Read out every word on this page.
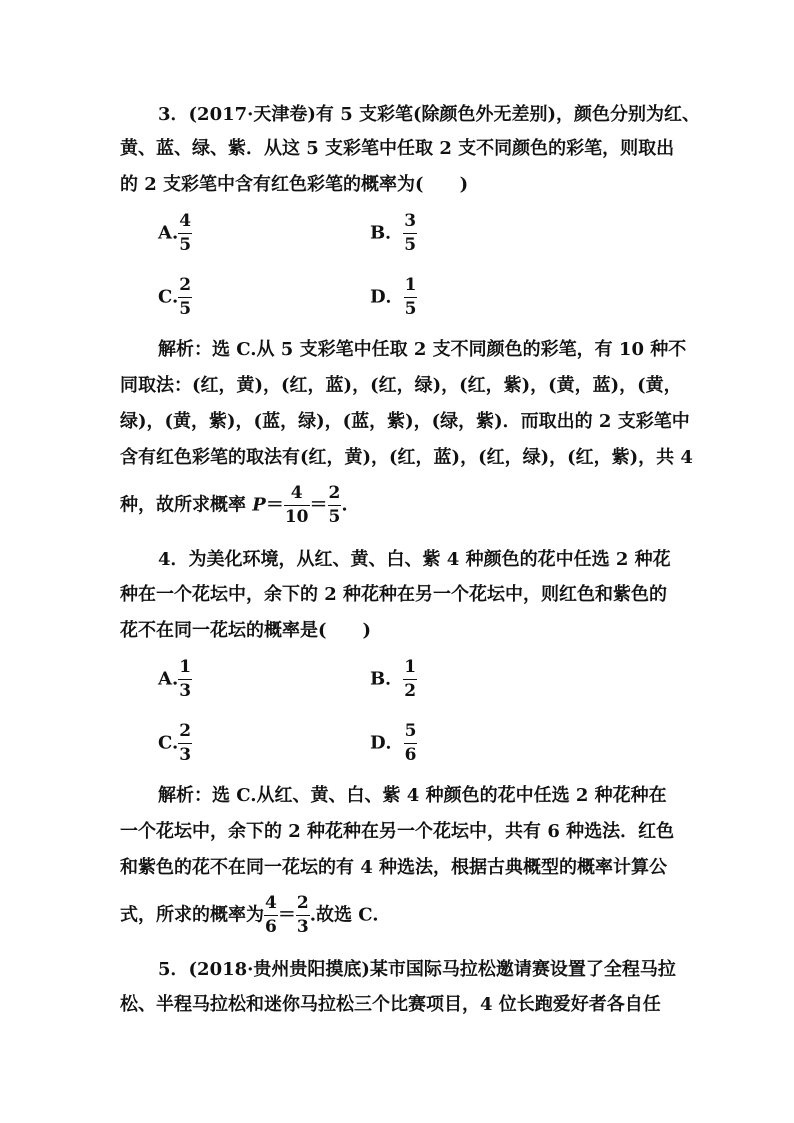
3．(2017·天津卷)有 5 支彩笔(除颜色外无差别)，颜色分别为红、
黄、蓝、绿、紫．从这 5 支彩笔中任取 2 支不同颜色的彩笔，则取出
的 2 支彩笔中含有红色彩笔的概率为(　　)
A. $\frac{4}{5}$	B． $\frac{3}{5}$
C. $\frac{2}{5}$	D． $\frac{1}{5}$
解析：选 C.从 5 支彩笔中任取 2 支不同颜色的彩笔，有 10 种不
同取法：(红，黄)，(红，蓝)，(红，绿)，(红，紫)，(黄，蓝)，(黄，
绿)，(黄，紫)，(蓝，绿)，(蓝，紫)，(绿，紫)．而取出的 2 支彩笔中
含有红色彩笔的取法有(红，黄)，(红，蓝)，(红，绿)，(红，紫)，共 4
种，故所求概率 $P= \frac{4}{10} = \frac{2}{5}$ .
4．为美化环境，从红、黄、白、紫 4 种颜色的花中任选 2 种花
种在一个花坛中，余下的 2 种花种在另一个花坛中，则红色和紫色的
花不在同一花坛的概率是(　　)
A. $\frac{1}{3}$	B． $\frac{1}{2}$
C. $\frac{2}{3}$	D． $\frac{5}{6}$
解析：选 C.从红、黄、白、紫 4 种颜色的花中任选 2 种花种在
一个花坛中，余下的 2 种花种在另一个花坛中，共有 6 种选法．红色
和紫色的花不在同一花坛的有 4 种选法，根据古典概型的概率计算公
式，所求的概率为 $\frac{4}{6} = \frac{2}{3}$ .故选 C.
5．(2018·贵州贵阳摸底)某市国际马拉松邀请赛设置了全程马拉
松、半程马拉松和迷你马拉松三个比赛项目，4 位长跑爱好者各自任
